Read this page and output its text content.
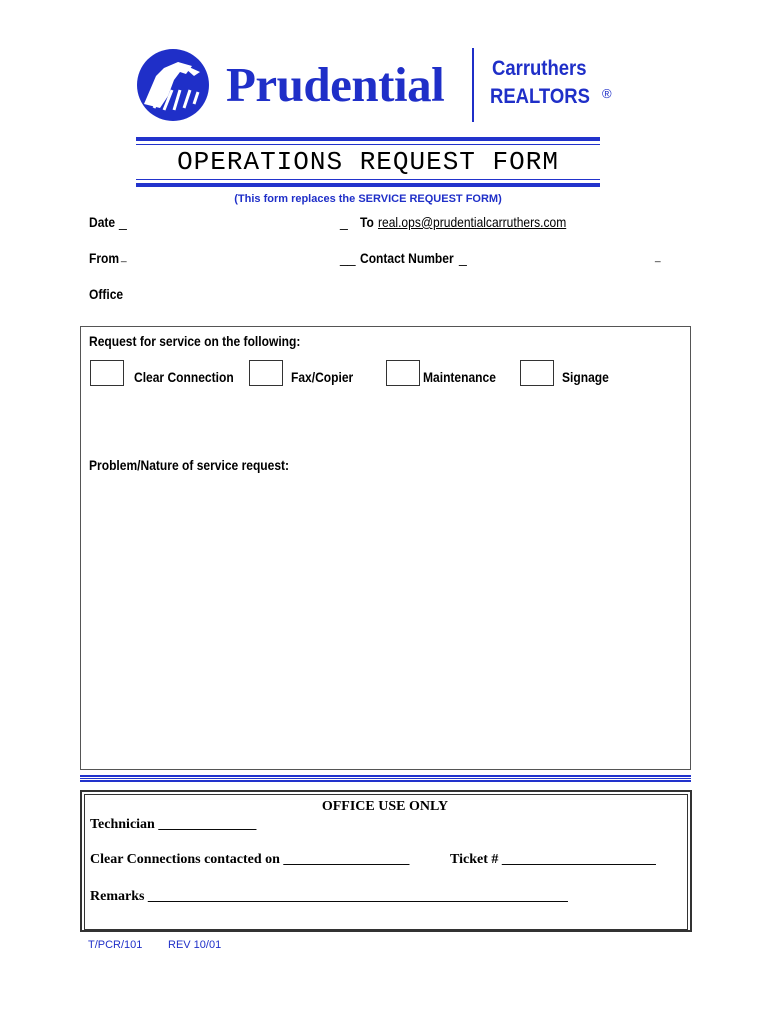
Prudential Carruthers
REALTORS ®
OPERATIONS REQUEST FORM
(This form replaces the SERVICE REQUEST FORM)
Date _	_ To real.ops@prudentialcarruthers.com
From _	__ Contact Number _	_
Office
Request for service on the following:
Clear Connection	Fax/Copier	Maintenance	Signage
Problem/Nature of service request:
OFFICE USE ONLY
Technician ______________
Clear Connections contacted on __________________	Ticket # ______________________
Remarks ____________________________________________________________
T/PCR/101 REV 10/01
